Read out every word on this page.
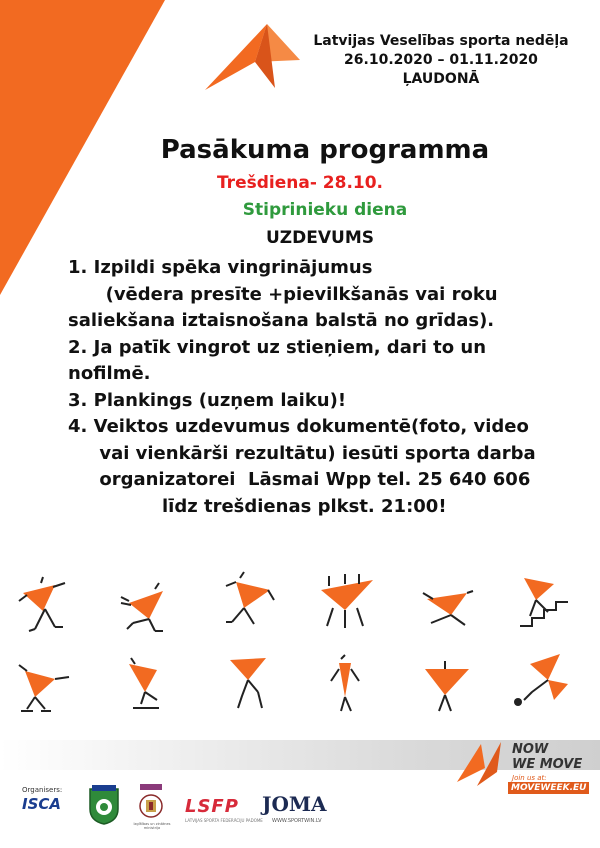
Latvijas Veselības sporta nedēļa
26.10.2020 – 01.11.2020
ĻAUDONĀ
Pasākuma programma
Trešdiena- 28.10.
Stiprinieku diena
UZDEVUMS
1. Izpildi spēka vingrinājumus
(vēdera presīte +pievilkšanās vai roku
saliekšana iztaisnošana balstā no grīdas).
2. Ja patīk vingrot uz stieņiem, dari to un
nofilmē.
3. Plankings (uzņem laiku)!
4. Veiktos uzdevumus dokumentē(foto, video
vai vienkārši rezultātu) iesūti sporta darba
organizatorei  Lāsmai Wpp tel. 25 640 606
līdz trešdienas plkst. 21:00!
NOW
WE MOVE
Join us at:
MOVEWEEK.EU
Organisers:
ISCA
Izglītības un zinātnes ministrija
LSFP
LATVIJAS SPORTA FEDERĀCIJU PADOME
JOMA
WWW.SPORTWIN.LV
